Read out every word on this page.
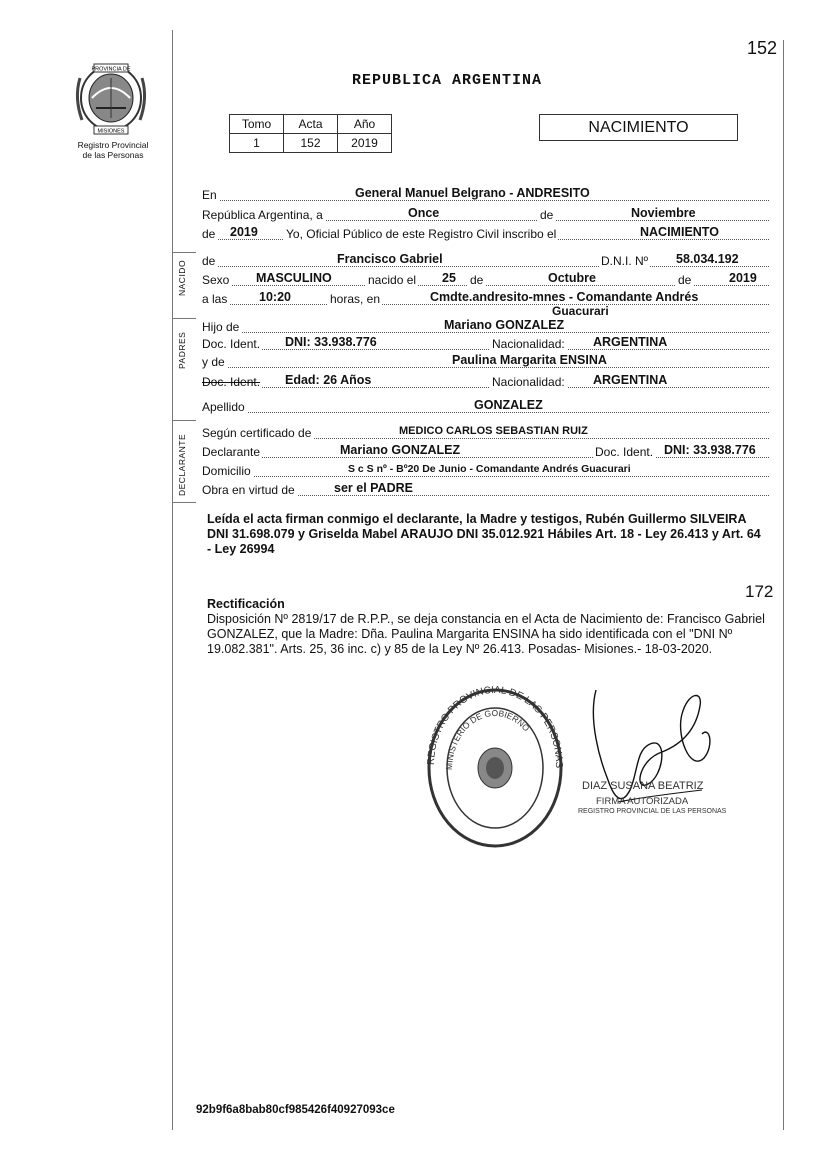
PROVINCIA DE
MISIONES
Registro Provincial
de las Personas
152
REPUBLICA ARGENTINA
Tomo	Acta	Año
1	152	2019
NACIMIENTO
NACIDO
PADRES
DECLARANTE
En	General Manuel Belgrano - ANDRESITO
República Argentina, a	Once	de	Noviembre
de 2019 Yo, Oficial Público de este Registro Civil inscribo el	NACIMIENTO
de	Francisco Gabriel	D.N.I. Nº 58.034.192
Sexo MASCULINO	nacido el 25 de	Octubre	de	2019
a las	10:20	horas, en	Cmdte.andresito-mnes - Comandante Andrés
Guacurari
Hijo de	Mariano GONZALEZ
Doc. Ident. DNI: 33.938.776	Nacionalidad: ARGENTINA
y de	Paulina Margarita ENSINA
Doc. Ident. Edad: 26 Años	Nacionalidad: ARGENTINA
Apellido	GONZALEZ
Según certificado de	MEDICO CARLOS SEBASTIAN RUIZ
Declarante	Mariano GONZALEZ	Doc. Ident. DNI: 33.938.776
Domicilio	S c S nº - Bº20 De Junio - Comandante Andrés Guacurari
Obra en virtud de	ser el PADRE
Leída el acta firman conmigo el declarante, la Madre y testigos, Rubén Guillermo SILVEIRA DNI 31.698.079 y Griselda Mabel ARAUJO DNI 35.012.921 Hábiles Art. 18 - Ley 26.413 y Art. 64 - Ley 26994
172
Rectificación
Disposición Nº 2819/17 de R.P.P., se deja constancia en el Acta de Nacimiento de: Francisco Gabriel GONZALEZ, que la Madre: Dña. Paulina Margarita ENSINA ha sido identificada con el "DNI Nº 19.082.381". Arts. 25, 36 inc. c) y 85 de la Ley Nº 26.413. Posadas- Misiones.- 18-03-2020.
REGISTRO PROVINCIAL DE LAS PERSONAS
MINISTERIO DE GOBIERNO
DIAZ SUSANA BEATRIZ
FIRMA AUTORIZADA
REGISTRO PROVINCIAL DE LAS PERSONAS
92b9f6a8bab80cf985426f40927093ce
